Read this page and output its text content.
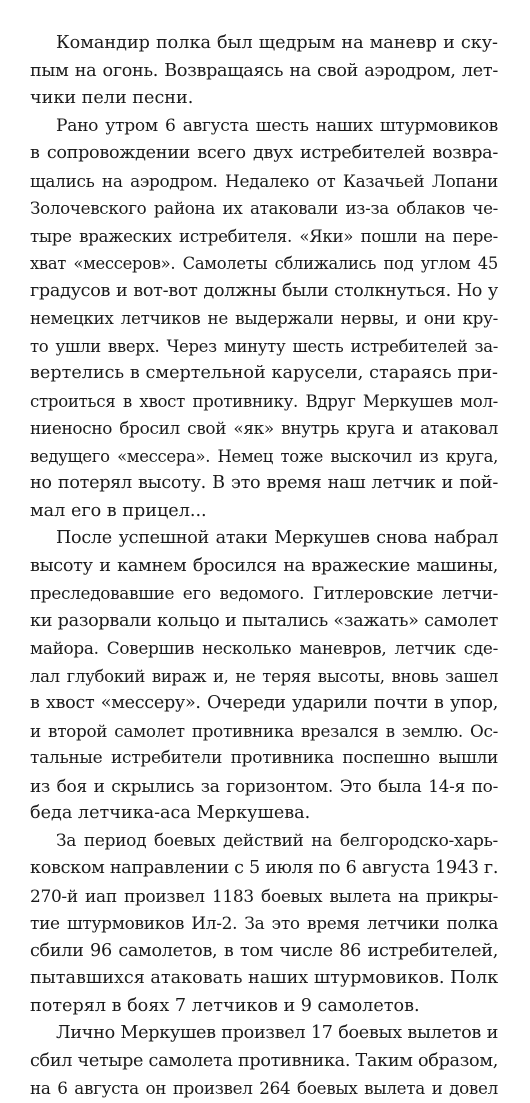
Командир полка был щедрым на маневр и ску-
пым на огонь. Возвращаясь на свой аэродром, лет-
чики пели песни.
Рано утром 6 августа шесть наших штурмовиков
в сопровождении всего двух истребителей возвра-
щались на аэродром. Недалеко от Казачьей Лопани
Золочевского района их атаковали из-за облаков че-
тыре вражеских истребителя. «Яки» пошли на пере-
хват «мессеров». Самолеты сближались под углом 45
градусов и вот-вот должны были столкнуться. Но у
немецких летчиков не выдержали нервы, и они кру-
то ушли вверх. Через минуту шесть истребителей за-
вертелись в смертельной карусели, стараясь при-
строиться в хвост противнику. Вдруг Меркушев мол-
ниеносно бросил свой «як» внутрь круга и атаковал
ведущего «мессера». Немец тоже выскочил из круга,
но потерял высоту. В это время наш летчик и пой-
мал его в прицел...
После успешной атаки Меркушев снова набрал
высоту и камнем бросился на вражеские машины,
преследовавшие его ведомого. Гитлеровские летчи-
ки разорвали кольцо и пытались «зажать» самолет
майора. Совершив несколько маневров, летчик сде-
лал глубокий вираж и, не теряя высоты, вновь зашел
в хвост «мессеру». Очереди ударили почти в упор,
и второй самолет противника врезался в землю. Ос-
тальные истребители противника поспешно вышли
из боя и скрылись за горизонтом. Это была 14-я по-
беда летчика-аса Меркушева.
За период боевых действий на белгородско-харь-
ковском направлении с 5 июля по 6 августа 1943 г.
270-й иап произвел 1183 боевых вылета на прикры-
тие штурмовиков Ил-2. За это время летчики полка
сбили 96 самолетов, в том числе 86 истребителей,
пытавшихся атаковать наших штурмовиков. Полк
потерял в боях 7 летчиков и 9 самолетов.
Лично Меркушев произвел 17 боевых вылетов и
сбил четыре самолета противника. Таким образом,
на 6 августа он произвел 264 боевых вылета и довел
